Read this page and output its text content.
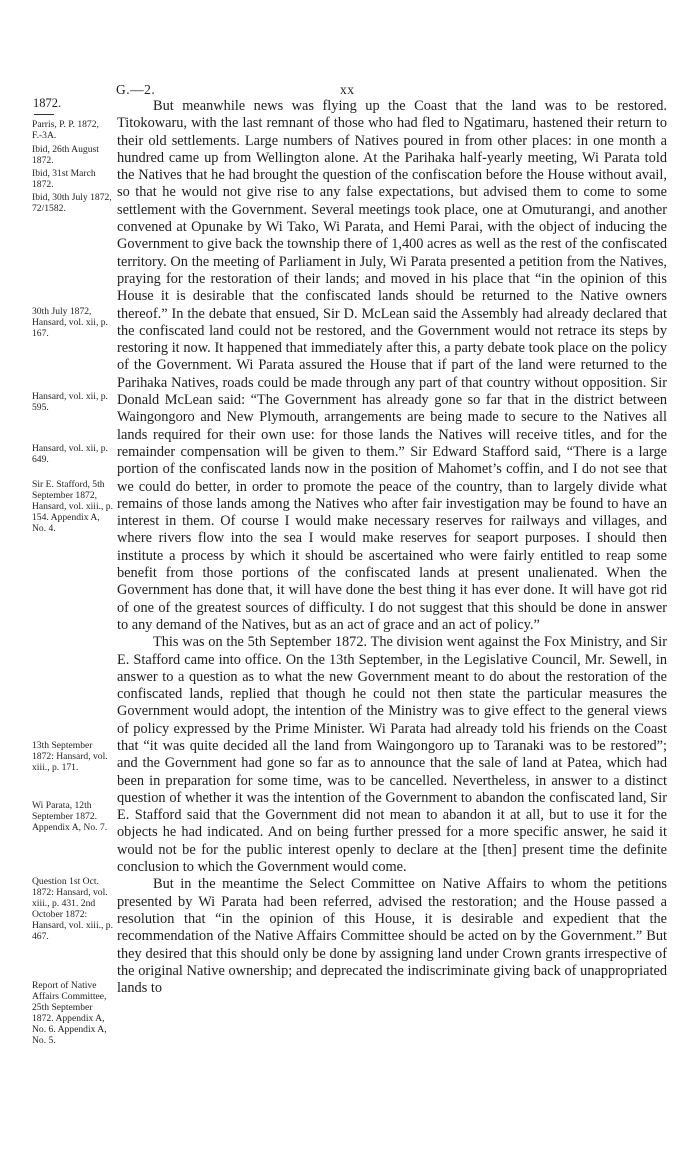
G.—2.	xx
1872.
Parris, P. P. 1872, F.-3A.
Ibid, 26th August 1872.
Ibid, 31st March 1872.
Ibid, 30th July 1872, 72/1582.
30th July 1872, Hansard, vol. xii, p. 167.
Hansard, vol. xii, p. 595.
Hansard, vol. xii, p. 649.
Sir E. Stafford, 5th September 1872, Hansard, vol. xiii., p. 154. Appendix A, No. 4.
13th September 1872: Hansard, vol. xiii., p. 171.
Wi Parata, 12th September 1872. Appendix A, No. 7.
Question 1st Oct. 1872: Hansard, vol. xiii., p. 431. 2nd October 1872: Hansard, vol. xiii., p. 467.
Report of Native Affairs Committee, 25th September 1872. Appendix A, No. 6. Appendix A, No. 5.

But meanwhile news was flying up the Coast that the land was to be restored. Titokowaru, with the last remnant of those who had fled to Ngatimaru, hastened their return to their old settlements. Large numbers of Natives poured in from other places: in one month a hundred came up from Wellington alone. At the Parihaka half-yearly meeting, Wi Parata told the Natives that he had brought the question of the confiscation before the House without avail, so that he would not give rise to any false expectations, but advised them to come to some settlement with the Government. Several meetings took place, one at Omuturangi, and another convened at Opunake by Wi Tako, Wi Parata, and Hemi Parai, with the object of inducing the Government to give back the township there of 1,400 acres as well as the rest of the confiscated territory. On the meeting of Parliament in July, Wi Parata presented a petition from the Natives, praying for the restoration of their lands; and moved in his place that “in the opinion of this House it is desirable that the confiscated lands should be returned to the Native owners thereof.” In the debate that ensued, Sir D. McLean said the Assembly had already declared that the confiscated land could not be restored, and the Government would not retrace its steps by restoring it now. It happened that immediately after this, a party debate took place on the policy of the Government. Wi Parata assured the House that if part of the land were returned to the Parihaka Natives, roads could be made through any part of that country without opposition. Sir Donald McLean said: “The Government has already gone so far that in the district between Waingongoro and New Plymouth, arrangements are being made to secure to the Natives all lands required for their own use: for those lands the Natives will receive titles, and for the remainder compensation will be given to them.” Sir Edward Stafford said, “There is a large portion of the confiscated lands now in the position of Mahomet’s coffin, and I do not see that we could do better, in order to promote the peace of the country, than to largely divide what remains of those lands among the Natives who after fair investigation may be found to have an interest in them. Of course I would make necessary reserves for railways and villages, and where rivers flow into the sea I would make reserves for seaport purposes. I should then institute a process by which it should be ascertained who were fairly entitled to reap some benefit from those portions of the confiscated lands at present unalienated. When the Government has done that, it will have done the best thing it has ever done. It will have got rid of one of the greatest sources of difficulty. I do not suggest that this should be done in answer to any demand of the Natives, but as an act of grace and an act of policy.”

This was on the 5th September 1872. The division went against the Fox Ministry, and Sir E. Stafford came into office. On the 13th September, in the Legislative Council, Mr. Sewell, in answer to a question as to what the new Government meant to do about the restoration of the confiscated lands, replied that though he could not then state the particular measures the Government would adopt, the intention of the Ministry was to give effect to the general views of policy expressed by the Prime Minister. Wi Parata had already told his friends on the Coast that “it was quite decided all the land from Waingongoro up to Taranaki was to be restored”; and the Government had gone so far as to announce that the sale of land at Patea, which had been in preparation for some time, was to be cancelled. Nevertheless, in answer to a distinct question of whether it was the intention of the Government to abandon the confiscated land, Sir E. Stafford said that the Government did not mean to abandon it at all, but to use it for the objects he had indicated. And on being further pressed for a more specific answer, he said it would not be for the public interest openly to declare at the [then] present time the definite conclusion to which the Government would come.

But in the meantime the Select Committee on Native Affairs to whom the petitions presented by Wi Parata had been referred, advised the restoration; and the House passed a resolution that “in the opinion of this House, it is desirable and expedient that the recommendation of the Native Affairs Committee should be acted on by the Government.” But they desired that this should only be done by assigning land under Crown grants irrespective of the original Native ownership; and deprecated the indiscriminate giving back of unappropriated lands to
